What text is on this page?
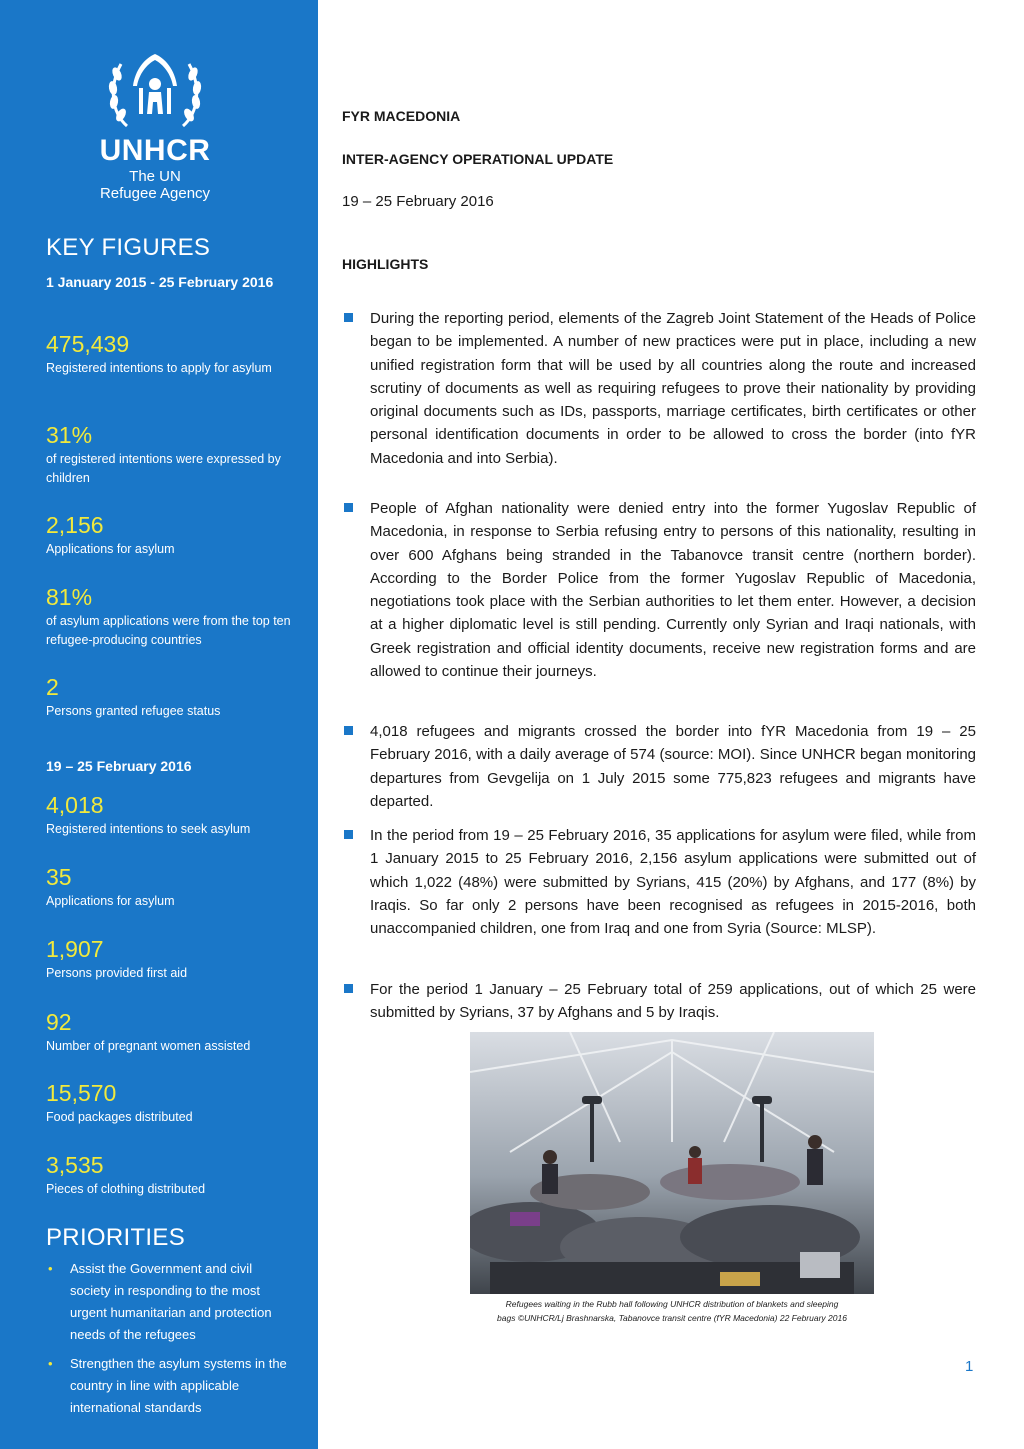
UNHCR
The UN
Refugee Agency
KEY FIGURES
1 January 2015 - 25 February 2016
475,439
Registered intentions to apply for asylum
31%
of registered intentions were expressed by children
2,156
Applications for asylum
81%
of asylum applications were from the top ten refugee-producing countries
2
Persons granted refugee status
19 – 25 February 2016
4,018
Registered intentions to seek asylum
35
Applications for asylum
1,907
Persons provided first aid
92
Number of pregnant women assisted
15,570
Food packages distributed
3,535
Pieces of clothing distributed
PRIORITIES
• Assist the Government and civil society in responding to the most urgent humanitarian and protection needs of the refugees
• Strengthen the asylum systems in the country in line with applicable international standards
FYR MACEDONIA
INTER-AGENCY OPERATIONAL UPDATE
19 – 25 February 2016
HIGHLIGHTS

During the reporting period, elements of the Zagreb Joint Statement of the Heads of Police began to be implemented. A number of new practices were put in place, including a new unified registration form that will be used by all countries along the route and increased scrutiny of documents as well as requiring refugees to prove their nationality by providing original documents such as IDs, passports, marriage certificates, birth certificates or other personal identification documents in order to be allowed to cross the border (into fYR Macedonia and into Serbia).

People of Afghan nationality were denied entry into the former Yugoslav Republic of Macedonia, in response to Serbia refusing entry to persons of this nationality, resulting in over 600 Afghans being stranded in the Tabanovce transit centre (northern border). According to the Border Police from the former Yugoslav Republic of Macedonia, negotiations took place with the Serbian authorities to let them enter. However, a decision at a higher diplomatic level is still pending. Currently only Syrian and Iraqi nationals, with Greek registration and official identity documents, receive new registration forms and are allowed to continue their journeys.

4,018 refugees and migrants crossed the border into fYR Macedonia from 19 – 25 February 2016, with a daily average of 574 (source: MOI). Since UNHCR began monitoring departures from Gevgelija on 1 July 2015 some 775,823 refugees and migrants have departed.

In the period from 19 – 25 February 2016, 35 applications for asylum were filed, while from 1 January 2015 to 25 February 2016, 2,156 asylum applications were submitted out of which 1,022 (48%) were submitted by Syrians, 415 (20%) by Afghans, and 177 (8%) by Iraqis. So far only 2 persons have been recognised as refugees in 2015-2016, both unaccompanied children, one from Iraq and one from Syria (Source: MLSP).

For the period 1 January – 25 February total of 259 applications, out of which 25 were submitted by Syrians, 37 by Afghans and 5 by Iraqis.

Refugees waiting in the Rubb hall following UNHCR distribution of blankets and sleeping
bags ©UNHCR/Lj Brashnarska, Tabanovce transit centre (fYR Macedonia) 22 February 2016
1
